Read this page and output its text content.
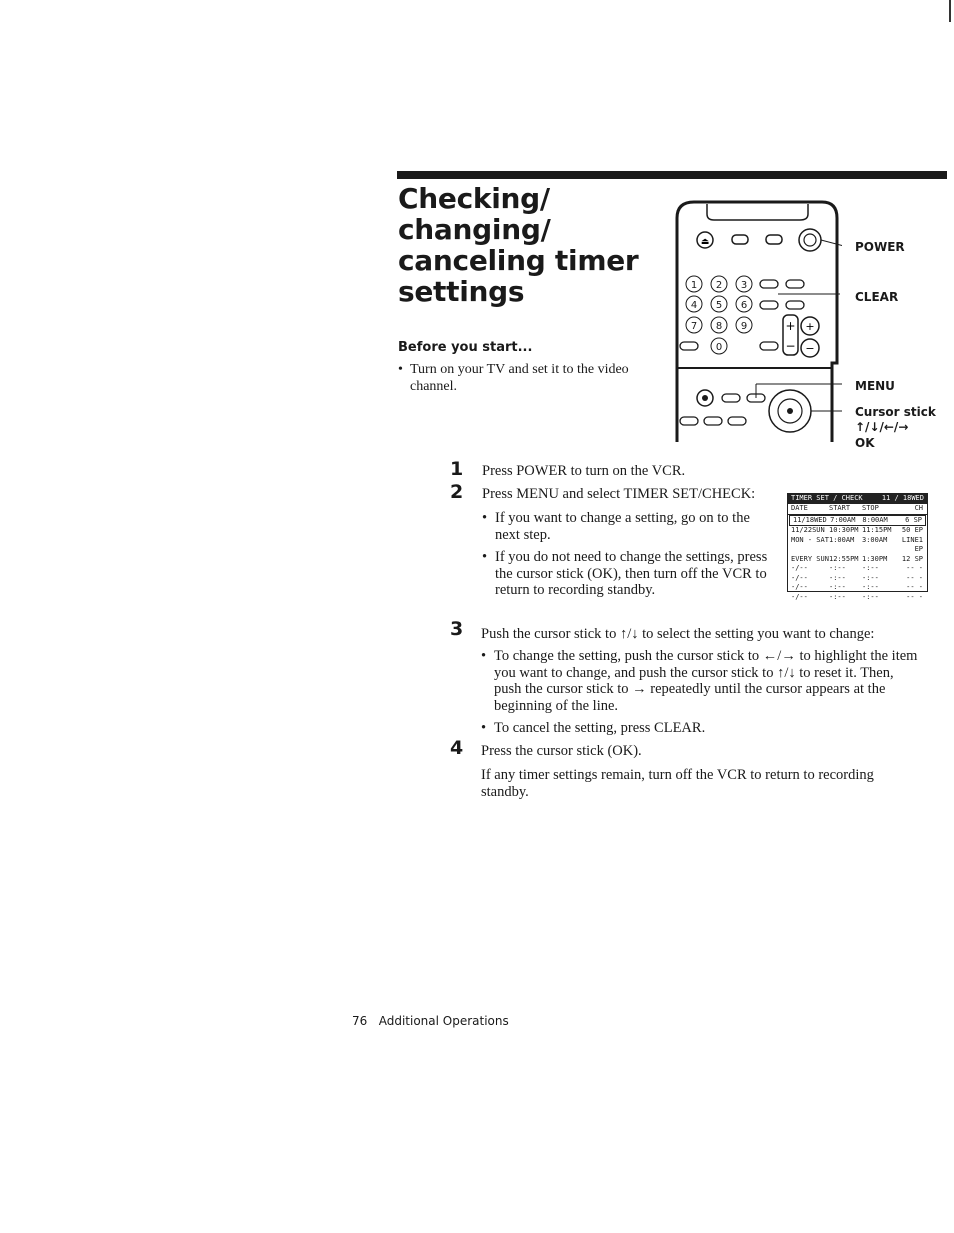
Checking/ changing/ canceling timer settings
Before you start...
• Turn on your TV and set it to the video channel.
⏏
1 2 3
4 5 6
7 8 9
0
+
−
+
−
POWER
CLEAR
MENU
Cursor stick
↑/↓/←/→
OK
1 Press POWER to turn on the VCR.
2 Press MENU and select TIMER SET/CHECK:
• If you want to change a setting, go on to the next step.
• If you do not need to change the settings, press the cursor stick (OK), then turn off the VCR to return to recording standby.
TIMER SET / CHECK	11 / 18WED
DATE	START	STOP	CH
11/18WED 7:00AM 8:00AM	6 SP
11/22SUN 10:30PM 11:15PM	50 EP
MON - SAT 1:00AM	3:00AM	LINE1 EP
EVERY SUN 12:55PM 1:30PM	12 SP
-/--	-:--	-:--	-- -
-/--	-:--	-:--	-- -
-/--	-:--	-:--	-- -
-/--	-:--	-:--	-- -
3 Push the cursor stick to ↑/↓ to select the setting you want to change:
• To change the setting, push the cursor stick to ←/→ to highlight the item you want to change, and push the cursor stick to ↑/↓ to reset it. Then, push the cursor stick to → repeatedly until the cursor appears at the beginning of the line.
• To cancel the setting, press CLEAR.
4 Press the cursor stick (OK).
If any timer settings remain, turn off the VCR to return to recording standby.
76 Additional Operations
